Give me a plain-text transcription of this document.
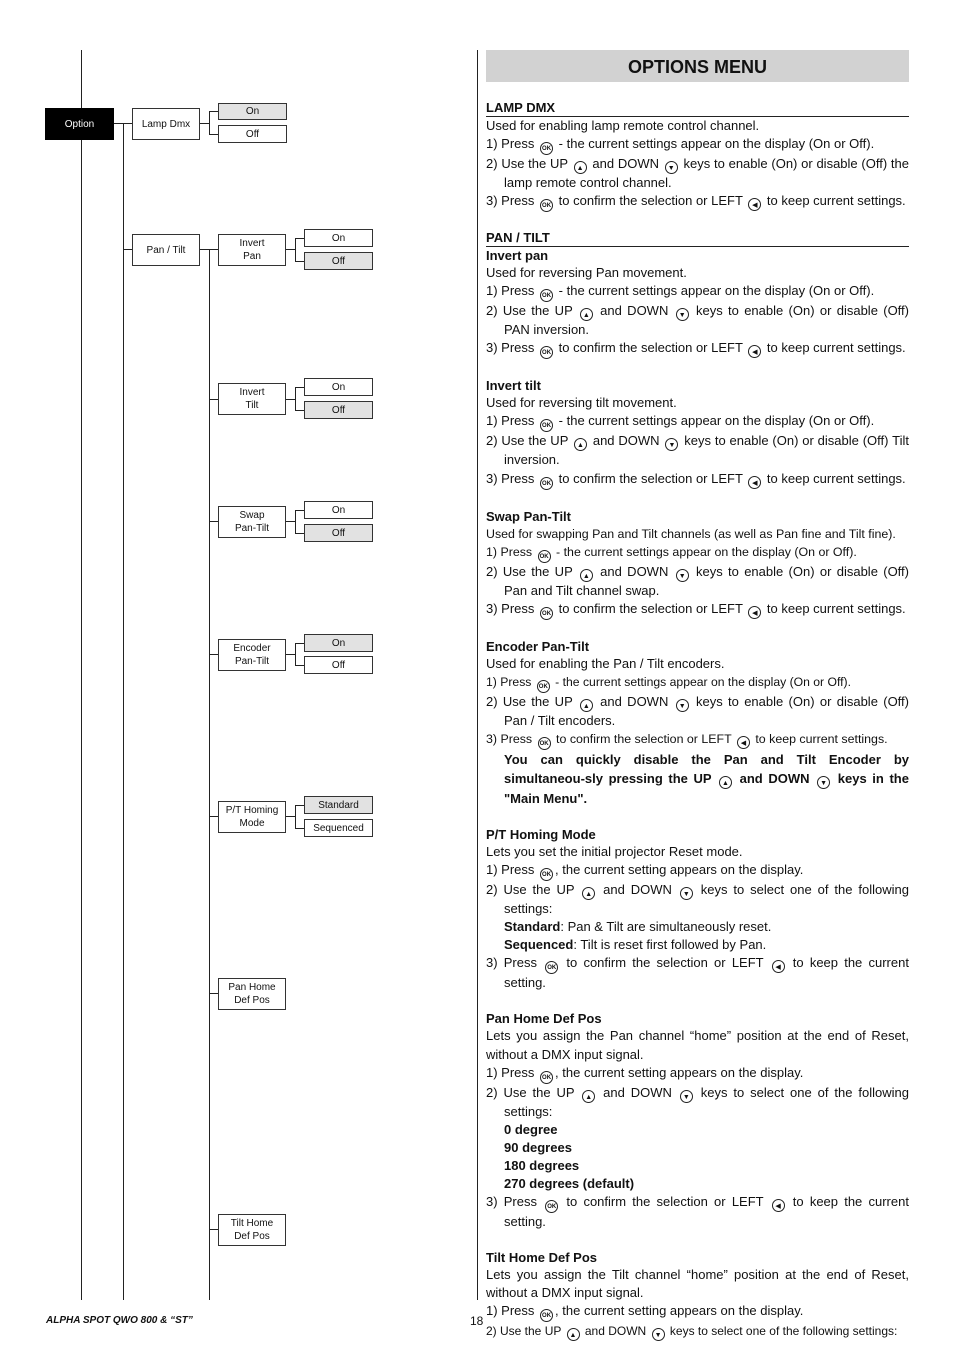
Option	Lamp Dmx
Pan / Tilt
On
Off
Invert
Pan
On
Off
Invert
Tilt
On
Off
Swap
Pan-Tilt
On
Off
Encoder
Pan-Tilt
On
Off
P/T Homing
Mode
Standard
Sequenced
Pan Home
Def Pos
Tilt Home
Def Pos
OPTIONS MENU
LAMP DMX
Used for enabling lamp remote control channel.
1) Press OK - the current settings appear on the display (On or Off).
2) Use the UP ▲ and DOWN ▼ keys to enable (On) or disable (Off) the lamp remote control channel.
3) Press OK to confirm the selection or LEFT ◀ to keep current settings.
PAN / TILT
Invert pan
Used for reversing Pan movement.
1) Press OK - the current settings appear on the display (On or Off).
2) Use the UP ▲ and DOWN ▼ keys to enable (On) or disable (Off) PAN inversion.
3) Press OK to confirm the selection or LEFT ◀ to keep current settings.
Invert tilt
Used for reversing tilt movement.
1) Press OK - the current settings appear on the display (On or Off).
2) Use the UP ▲ and DOWN ▼ keys to enable (On) or disable (Off) Tilt inversion.
3) Press OK to confirm the selection or LEFT ◀ to keep current settings.
Swap Pan-Tilt
Used for swapping Pan and Tilt channels (as well as Pan fine and Tilt fine).
1) Press OK - the current settings appear on the display (On or Off).
2) Use the UP ▲ and DOWN ▼ keys to enable (On) or disable (Off) Pan and Tilt channel swap.
3) Press OK to confirm the selection or LEFT ◀ to keep current settings.
Encoder Pan-Tilt
Used for enabling the Pan / Tilt encoders.
1) Press OK - the current settings appear on the display (On or Off).
2) Use the UP ▲ and DOWN ▼ keys to enable (On) or disable (Off) Pan / Tilt encoders.
3) Press OK to confirm the selection or LEFT ◀ to keep current settings.
You can quickly disable the Pan and Tilt Encoder by simultaneou-sly pressing the UP ▲ and DOWN ▼ keys in the "Main Menu".
P/T Homing Mode
Lets you set the initial projector Reset mode.
1) Press OK , the current setting appears on the display.
2) Use the UP ▲ and DOWN ▼ keys to select one of the following settings:
Standard: Pan & Tilt are simultaneously reset.
Sequenced: Tilt is reset first followed by Pan.
3) Press OK to confirm the selection or LEFT ◀ to keep the current setting.
Pan Home Def Pos
Lets you assign the Pan channel “home” position at the end of Reset, without a DMX input signal.
1) Press OK , the current setting appears on the display.
2) Use the UP ▲ and DOWN ▼ keys to select one of the following settings:
0 degree
90 degrees
180 degrees
270 degrees (default)
3) Press OK to confirm the selection or LEFT ◀ to keep the current setting.
Tilt Home Def Pos
Lets you assign the Tilt channel “home” position at the end of Reset, without a DMX input signal.
1) Press OK , the current setting appears on the display.
2) Use the UP ▲ and DOWN ▼ keys to select one of the following settings:
ALPHA SPOT QWO 800 & “ST”	18
